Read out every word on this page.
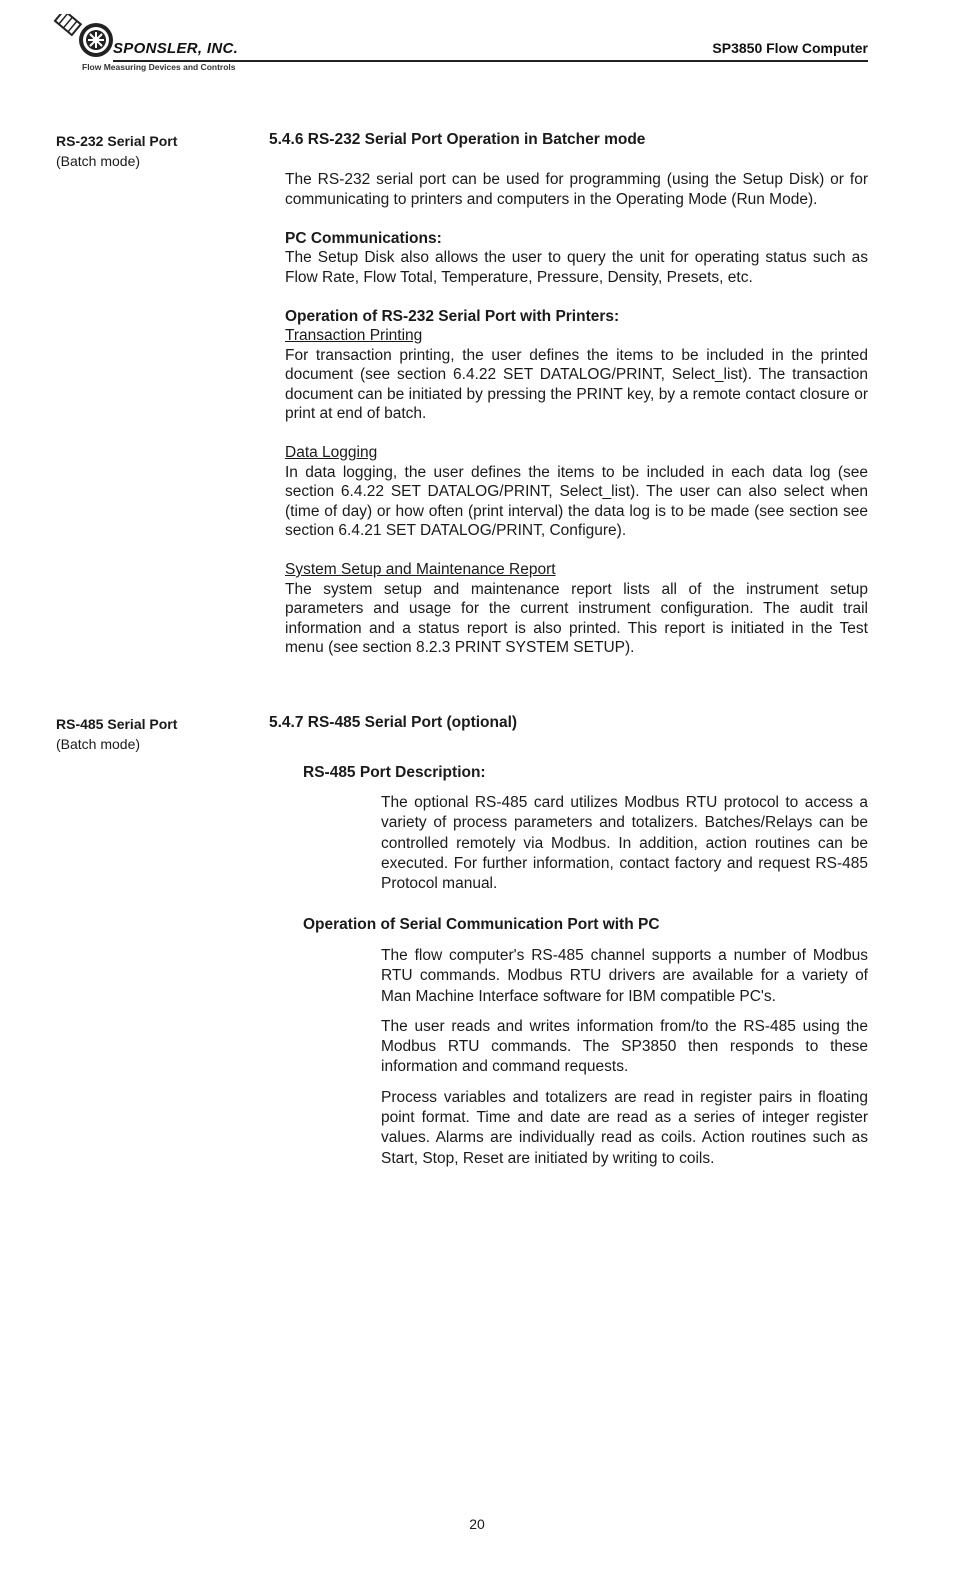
SPONSLER, INC.
Flow Measuring Devices and Controls
SP3850 Flow Computer
RS-232 Serial Port
(Batch mode)
5.4.6 RS-232 Serial Port Operation in Batcher mode

The RS-232 serial port can be used for programming (using the Setup Disk) or for communicating to printers and computers in the Operating Mode (Run Mode).

PC Communications:

The Setup Disk also allows the user to query the unit for operating status such as Flow Rate, Flow Total, Temperature, Pressure, Density, Presets, etc.

Operation of RS-232 Serial Port with Printers:
Transaction Printing

For transaction printing, the user defines the items to be included in the printed document (see section 6.4.22 SET DATALOG/PRINT, Select_list). The transaction document can be initiated by pressing the PRINT key, by a remote contact closure or print at end of batch.

Data Logging

In data logging, the user defines the items to be included in each data log (see section 6.4.22 SET DATALOG/PRINT, Select_list). The user can also select when (time of day) or how often (print interval) the data log is to be made (see section see section 6.4.21 SET DATALOG/PRINT, Configure).

System Setup and Maintenance Report

The system setup and maintenance report lists all of the instrument setup parameters and usage for the current instrument configuration. The audit trail information and a status report is also printed. This report is initiated in the Test menu (see section 8.2.3 PRINT SYSTEM SETUP).

RS-485 Serial Port
(Batch mode)
5.4.7 RS-485 Serial Port (optional)
RS-485 Port Description:

The optional RS-485 card utilizes Modbus RTU protocol to access a variety of process parameters and totalizers. Batches/Relays can be controlled remotely via Modbus. In addition, action routines can be executed. For further information, contact factory and request RS-485 Protocol manual.

Operation of Serial Communication Port with PC

The flow computer's RS-485 channel supports a number of Modbus RTU commands. Modbus RTU drivers are available for a variety of Man Machine Interface software for IBM compatible PC's.

The user reads and writes information from/to the RS-485 using the Modbus RTU commands. The SP3850 then responds to these information and command requests.

Process variables and totalizers are read in register pairs in floating point format. Time and date are read as a series of integer register values. Alarms are individually read as coils. Action routines such as Start, Stop, Reset are initiated by writing to coils.

20
